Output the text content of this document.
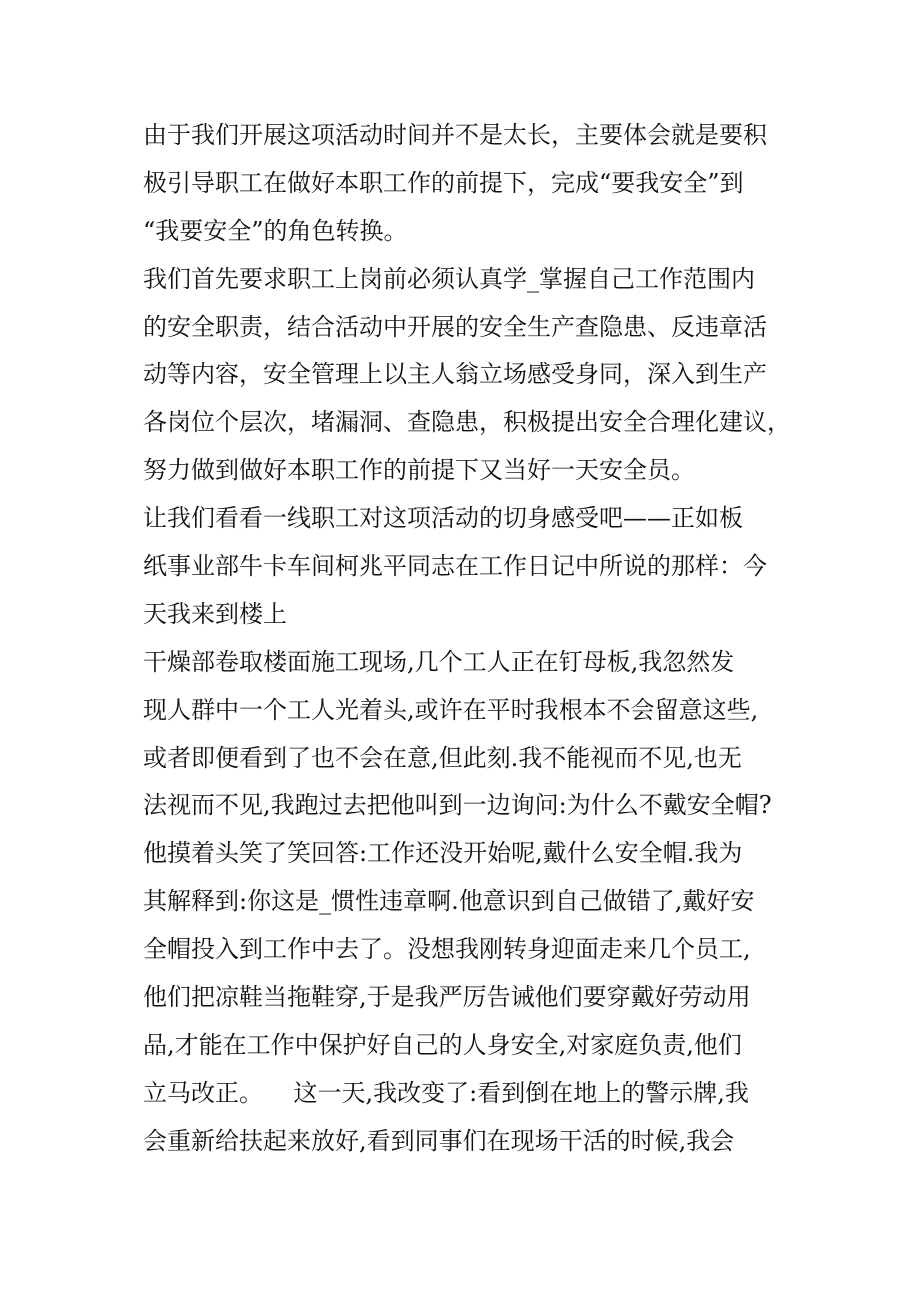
由于我们开展这项活动时间并不是太长，主要体会就是要积
极引导职工在做好本职工作的前提下，完成“要我安全”到
“我要安全”的角色转换。
我们首先要求职工上岗前必须认真学_掌握自己工作范围内
的安全职责，结合活动中开展的安全生产查隐患、反违章活
动等内容，安全管理上以主人翁立场感受身同，深入到生产
各岗位个层次，堵漏洞、查隐患，积极提出安全合理化建议，
努力做到做好本职工作的前提下又当好一天安全员。
让我们看看一线职工对这项活动的切身感受吧——正如板
纸事业部牛卡车间柯兆平同志在工作日记中所说的那样：今
天我来到楼上
干燥部卷取楼面施工现场,几个工人正在钉母板,我忽然发
现人群中一个工人光着头,或许在平时我根本不会留意这些,
或者即便看到了也不会在意,但此刻.我不能视而不见,也无
法视而不见,我跑过去把他叫到一边询问:为什么不戴安全帽?
他摸着头笑了笑回答:工作还没开始呢,戴什么安全帽.我为
其解释到:你这是_惯性违章啊.他意识到自己做错了,戴好安
全帽投入到工作中去了。没想我刚转身迎面走来几个员工,
他们把凉鞋当拖鞋穿,于是我严厉告诫他们要穿戴好劳动用
品,才能在工作中保护好自己的人身安全,对家庭负责,他们
立马改正。    这一天,我改变了:看到倒在地上的警示牌,我
会重新给扶起来放好,看到同事们在现场干活的时候,我会
